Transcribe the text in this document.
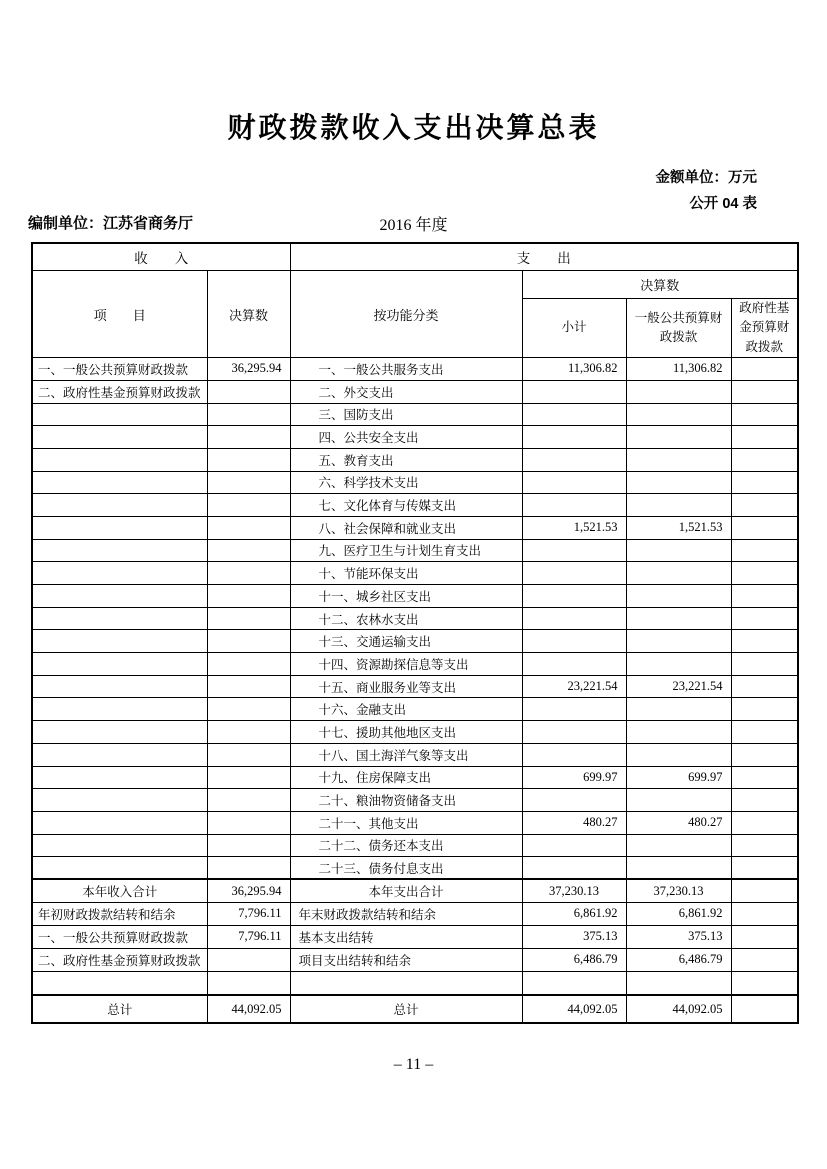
财政拨款收入支出决算总表
金额单位：万元
公开 04 表
编制单位：江苏省商务厅	2016 年度
收　　入		支　　出			
项　　目	决算数	按功能分类	决算数		
			小计	一般公共预算财政拨款	政府性基金预算财政拨款
一、一般公共预算财政拨款	36,295.94	一、一般公共服务支出	11,306.82	11,306.82	
二、政府性基金预算财政拨款		二、外交支出			
		三、国防支出			
		四、公共安全支出			
		五、教育支出			
		六、科学技术支出			
		七、文化体育与传媒支出			
		八、社会保障和就业支出	1,521.53	1,521.53	
		九、医疗卫生与计划生育支出			
		十、节能环保支出			
		十一、城乡社区支出			
		十二、农林水支出			
		十三、交通运输支出			
		十四、资源勘探信息等支出			
		十五、商业服务业等支出	23,221.54	23,221.54	
		十六、金融支出			
		十七、援助其他地区支出			
		十八、国土海洋气象等支出			
		十九、住房保障支出	699.97	699.97	
		二十、粮油物资储备支出			
		二十一、其他支出	480.27	480.27	
		二十二、债务还本支出			
		二十三、债务付息支出			
本年收入合计	36,295.94	本年支出合计	37,230.13	37,230.13	
年初财政拨款结转和结余	7,796.11	年末财政拨款结转和结余	6,861.92	6,861.92	
一、一般公共预算财政拨款	7,796.11	基本支出结转	375.13	375.13	
二、政府性基金预算财政拨款		项目支出结转和结余	6,486.79	6,486.79	

总计	44,092.05	总计	44,092.05	44,092.05	
– 11 –
